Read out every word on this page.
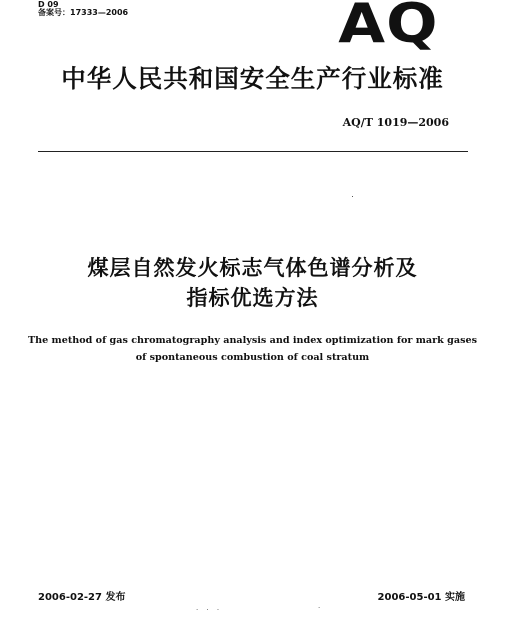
D 09
备案号：17333—2006	AQ
中华人民共和国安全生产行业标准
AQ/T 1019—2006
煤层自然发火标志气体色谱分析及
指标优选方法
The method of gas chromatography analysis and index optimization for mark gases
of spontaneous combustion of coal stratum
2006-02-27 发布	2006-05-01 实施
· · ·	·
